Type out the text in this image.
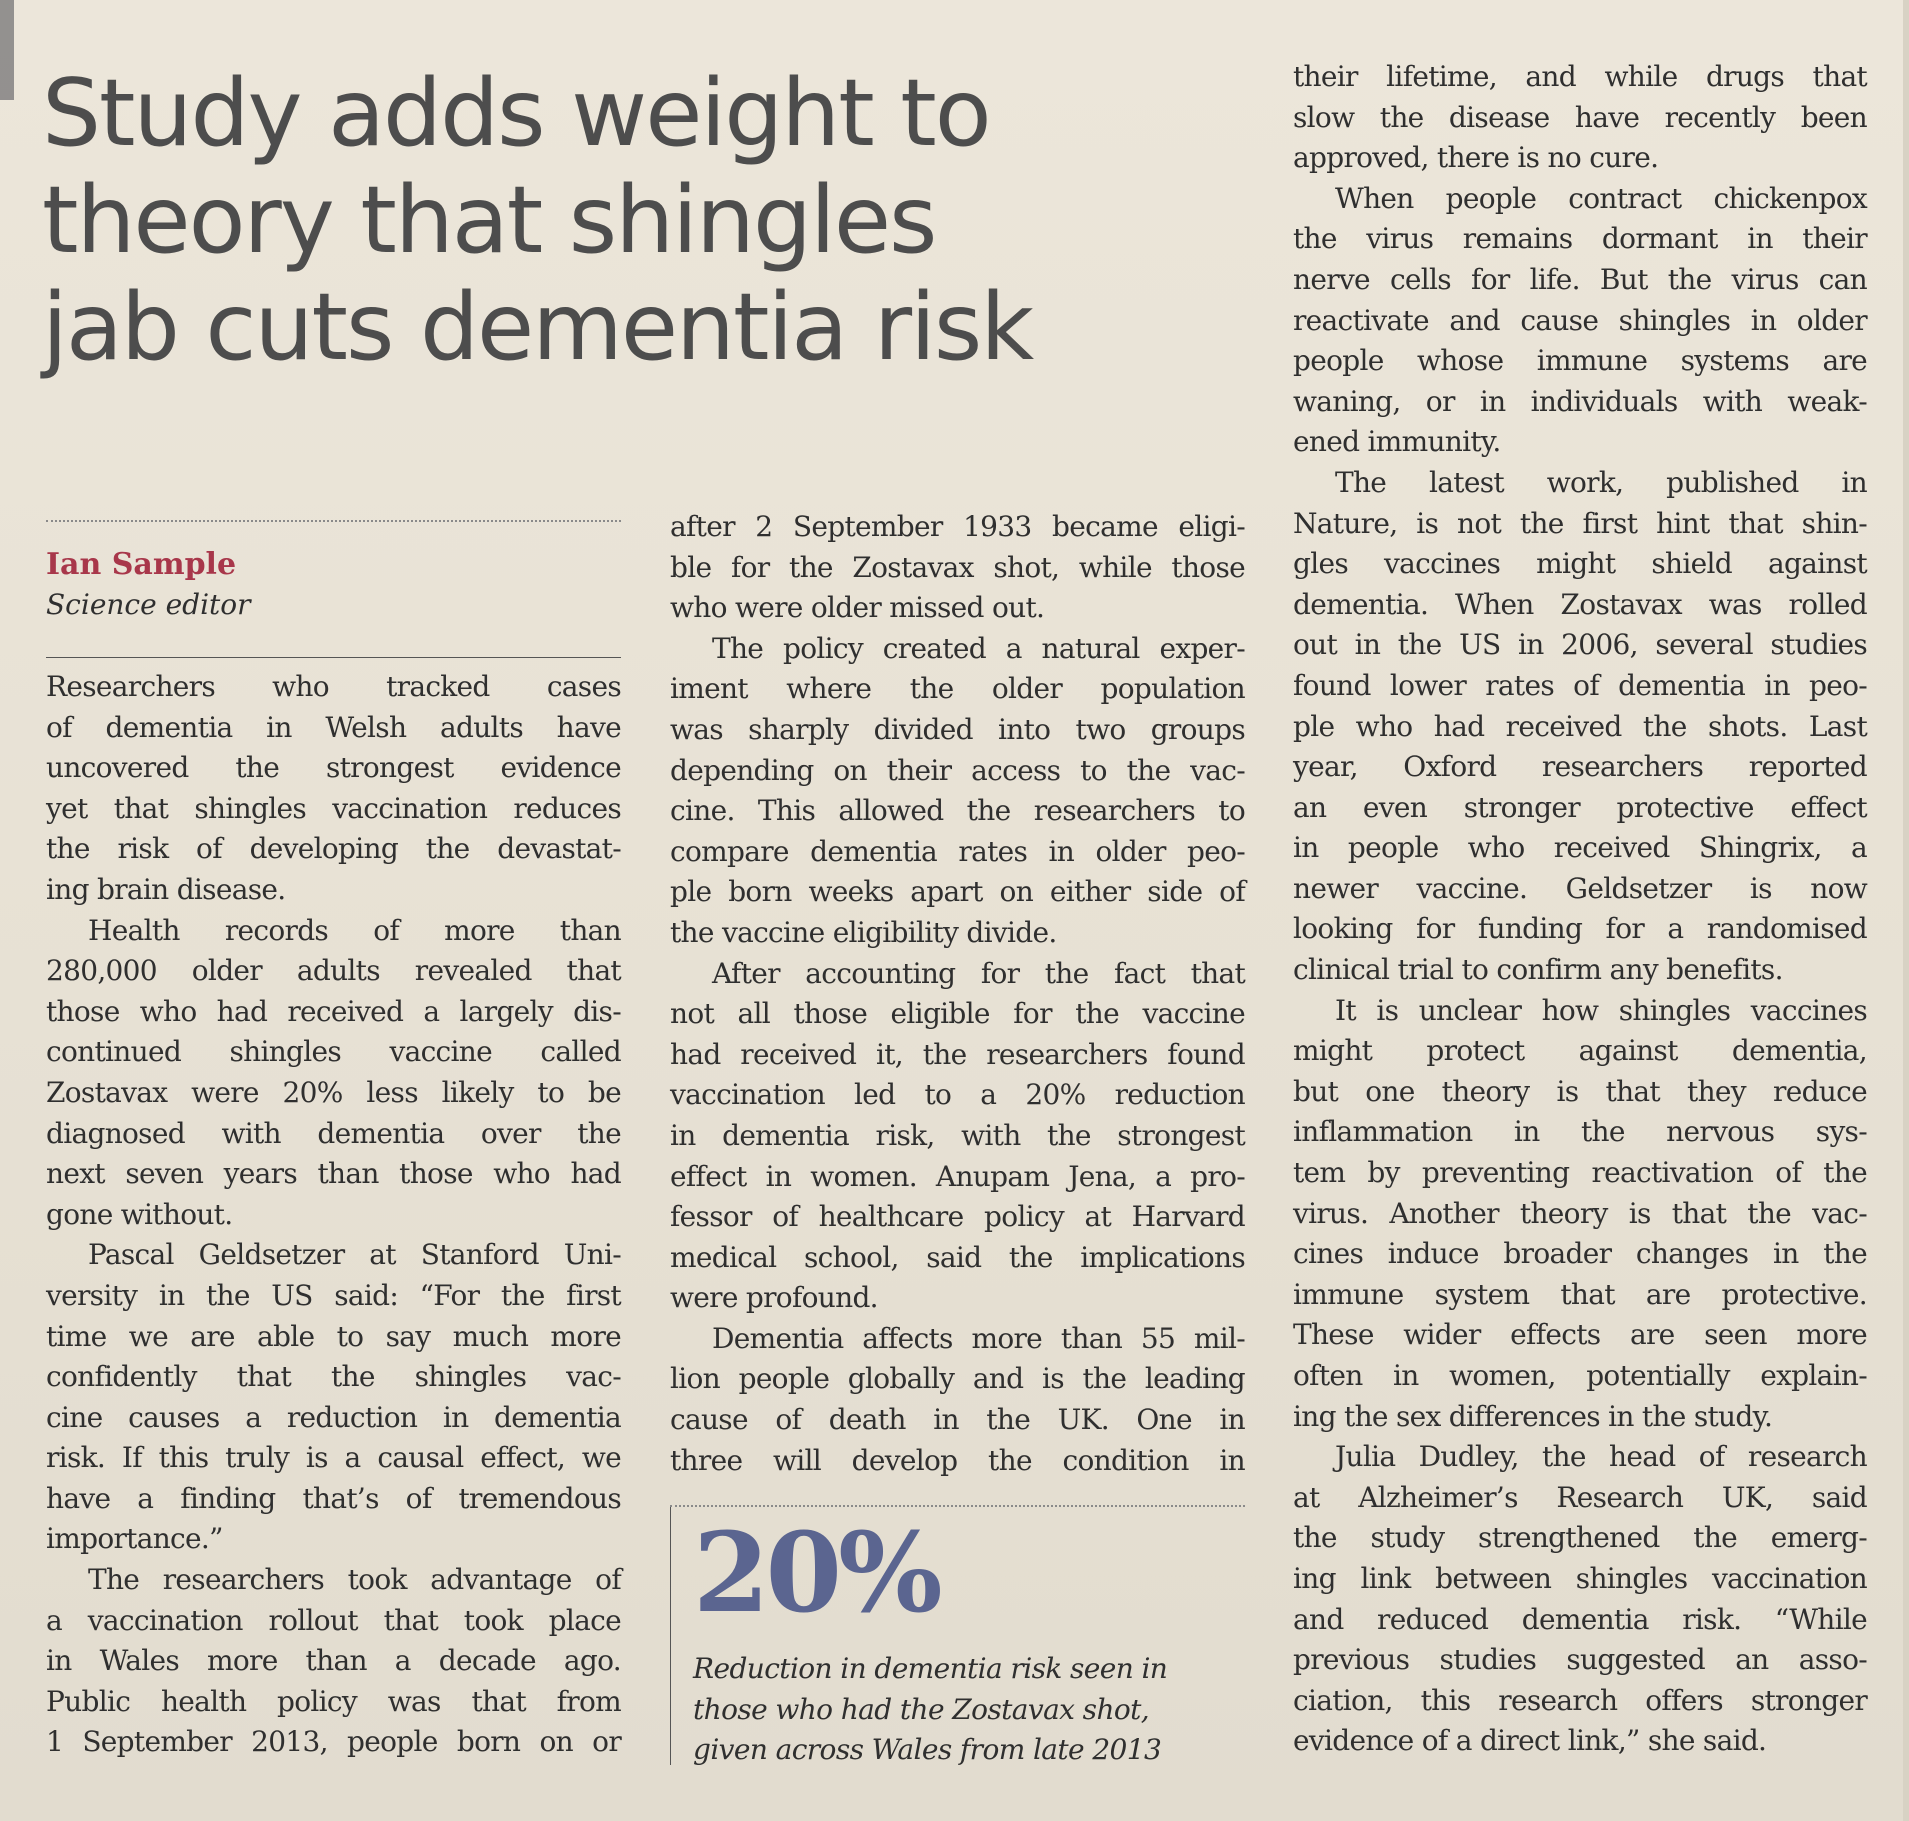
Study adds weight to
theory that shingles
jab cuts dementia risk
Ian Sample
Science editor
Researchers who tracked cases
of dementia in Welsh adults have
uncovered the strongest evidence
yet that shingles vaccination reduces
the risk of developing the devastat-
ing brain disease.
Health records of more than
280,000 older adults revealed that
those who had received a largely dis-
continued shingles vaccine called
Zostavax were 20% less likely to be
diagnosed with dementia over the
next seven years than those who had
gone without.
Pascal Geldsetzer at Stanford Uni-
versity in the US said: “For the first
time we are able to say much more
confidently that the shingles vac-
cine causes a reduction in dementia
risk. If this truly is a causal effect, we
have a finding that’s of tremendous
importance.”
The researchers took advantage of
a vaccination rollout that took place
in Wales more than a decade ago.
Public health policy was that from
1 September 2013, people born on or
after 2 September 1933 became eligi-
ble for the Zostavax shot, while those
who were older missed out.
The policy created a natural exper-
iment where the older population
was sharply divided into two groups
depending on their access to the vac-
cine. This allowed the researchers to
compare dementia rates in older peo-
ple born weeks apart on either side of
the vaccine eligibility divide.
After accounting for the fact that
not all those eligible for the vaccine
had received it, the researchers found
vaccination led to a 20% reduction
in dementia risk, with the strongest
effect in women. Anupam Jena, a pro-
fessor of healthcare policy at Harvard
medical school, said the implications
were profound.
Dementia affects more than 55 mil-
lion people globally and is the leading
cause of death in the UK. One in
three will develop the condition in
their lifetime, and while drugs that
slow the disease have recently been
approved, there is no cure.
When people contract chickenpox
the virus remains dormant in their
nerve cells for life. But the virus can
reactivate and cause shingles in older
people whose immune systems are
waning, or in individuals with weak-
ened immunity.
The latest work, published in
Nature, is not the first hint that shin-
gles vaccines might shield against
dementia. When Zostavax was rolled
out in the US in 2006, several studies
found lower rates of dementia in peo-
ple who had received the shots. Last
year, Oxford researchers reported
an even stronger protective effect
in people who received Shingrix, a
newer vaccine. Geldsetzer is now
looking for funding for a randomised
clinical trial to confirm any benefits.
It is unclear how shingles vaccines
might protect against dementia,
but one theory is that they reduce
inflammation in the nervous sys-
tem by preventing reactivation of the
virus. Another theory is that the vac-
cines induce broader changes in the
immune system that are protective.
These wider effects are seen more
often in women, potentially explain-
ing the sex differences in the study.
Julia Dudley, the head of research
at Alzheimer’s Research UK, said
the study strengthened the emerg-
ing link between shingles vaccination
and reduced dementia risk. “While
previous studies suggested an asso-
ciation, this research offers stronger
evidence of a direct link,” she said.
20%
Reduction in dementia risk seen in
those who had the Zostavax shot,
given across Wales from late 2013
